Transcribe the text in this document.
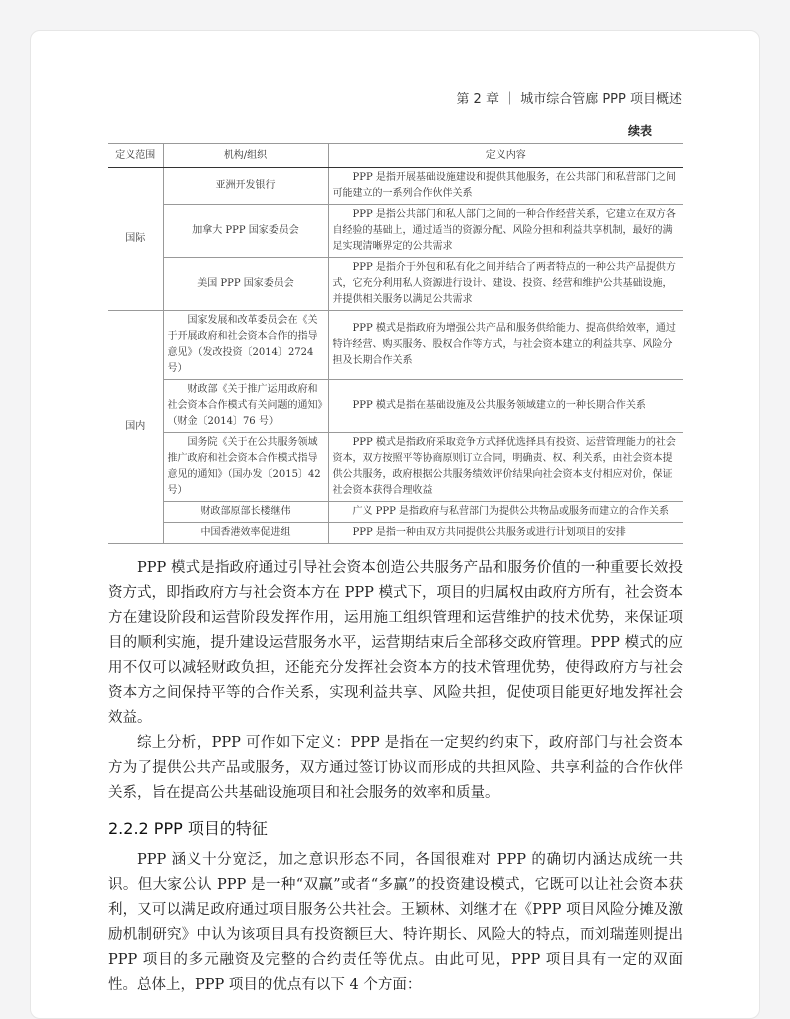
第 2 章 ｜ 城市综合管廊 PPP 项目概述
续表
定义范围	机构/组织	定义内容
国际	亚洲开发银行	PPP 是指开展基础设施建设和提供其他服务，在公共部门和私营部门之间可能建立的一系列合作伙伴关系
	加拿大 PPP 国家委员会	PPP 是指公共部门和私人部门之间的一种合作经营关系，它建立在双方各自经验的基础上，通过适当的资源分配、风险分担和利益共享机制，最好的满足实现清晰界定的公共需求
	美国 PPP 国家委员会	PPP 是指介于外包和私有化之间并结合了两者特点的一种公共产品提供方式，它充分利用私人资源进行设计、建设、投资、经营和维护公共基础设施，并提供相关服务以满足公共需求
国内	国家发展和改革委员会在《关于开展政府和社会资本合作的指导意见》（发改投资〔2014〕2724 号）	PPP 模式是指政府为增强公共产品和服务供给能力、提高供给效率，通过特许经营、购买服务、股权合作等方式，与社会资本建立的利益共享、风险分担及长期合作关系
	财政部《关于推广运用政府和社会资本合作模式有关问题的通知》（财金〔2014〕76 号）	PPP 模式是指在基础设施及公共服务领域建立的一种长期合作关系
	国务院《关于在公共服务领域推广政府和社会资本合作模式指导意见的通知》（国办发〔2015〕42 号）	PPP 模式是指政府采取竞争方式择优选择具有投资、运营管理能力的社会资本，双方按照平等协商原则订立合同，明确责、权、利关系，由社会资本提供公共服务，政府根据公共服务绩效评价结果向社会资本支付相应对价，保证社会资本获得合理收益
	财政部原部长楼继伟	广义 PPP 是指政府与私营部门为提供公共物品或服务而建立的合作关系
	中国香港效率促进组	PPP 是指一种由双方共同提供公共服务或进行计划项目的安排

PPP 模式是指政府通过引导社会资本创造公共服务产品和服务价值的一种重要长效投资方式，即指政府方与社会资本方在 PPP 模式下，项目的归属权由政府方所有，社会资本方在建设阶段和运营阶段发挥作用，运用施工组织管理和运营维护的技术优势，来保证项目的顺利实施，提升建设运营服务水平，运营期结束后全部移交政府管理。PPP 模式的应用不仅可以减轻财政负担，还能充分发挥社会资本方的技术管理优势，使得政府方与社会资本方之间保持平等的合作关系，实现利益共享、风险共担，促使项目能更好地发挥社会效益。

综上分析，PPP 可作如下定义：PPP 是指在一定契约约束下，政府部门与社会资本方为了提供公共产品或服务，双方通过签订协议而形成的共担风险、共享利益的合作伙伴关系，旨在提高公共基础设施项目和社会服务的效率和质量。

2.2.2 PPP 项目的特征

PPP 涵义十分宽泛，加之意识形态不同，各国很难对 PPP 的确切内涵达成统一共识。但大家公认 PPP 是一种“双赢”或者“多赢”的投资建设模式，它既可以让社会资本获利，又可以满足政府通过项目服务公共社会。王颖林、刘继才在《PPP 项目风险分摊及激励机制研究》中认为该项目具有投资额巨大、特许期长、风险大的特点，而刘瑞莲则提出 PPP 项目的多元融资及完整的合约责任等优点。由此可见，PPP 项目具有一定的双面性。总体上，PPP 项目的优点有以下 4 个方面：
